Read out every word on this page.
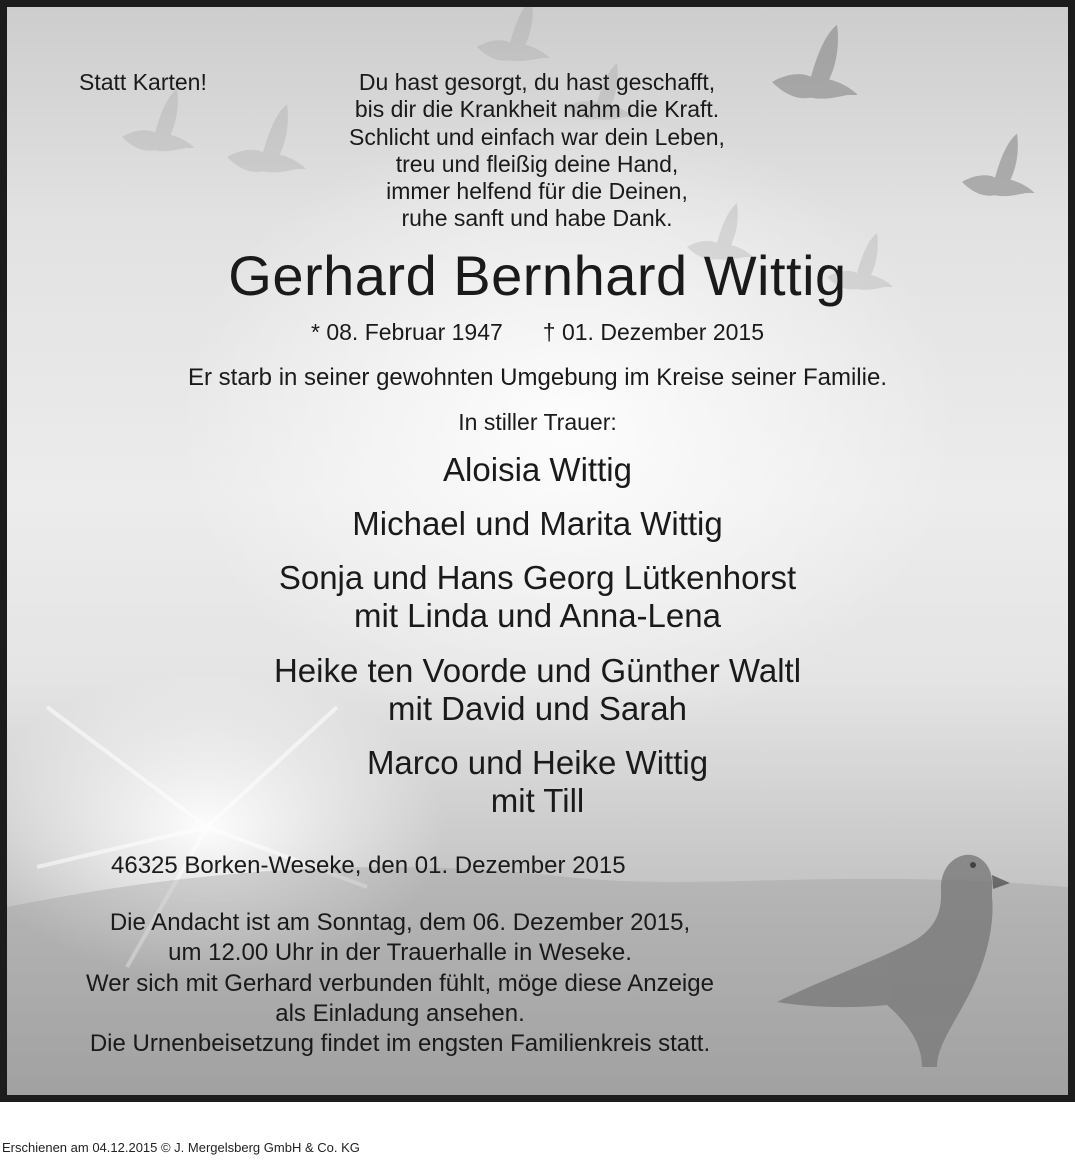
Statt Karten!	Du hast gesorgt, du hast geschafft,
bis dir die Krankheit nahm die Kraft.
Schlicht und einfach war dein Leben,
treu und fleißig deine Hand,
immer helfend für die Deinen,
ruhe sanft und habe Dank.
Gerhard Bernhard Wittig
* 08. Februar 1947 † 01. Dezember 2015
Er starb in seiner gewohnten Umgebung im Kreise seiner Familie.
In stiller Trauer:
Aloisia Wittig
Michael und Marita Wittig
Sonja und Hans Georg Lütkenhorst
mit Linda und Anna-Lena
Heike ten Voorde und Günther Waltl
mit David und Sarah
Marco und Heike Wittig
mit Till
46325 Borken-Weseke, den 01. Dezember 2015
Die Andacht ist am Sonntag, dem 06. Dezember 2015,
um 12.00 Uhr in der Trauerhalle in Weseke.
Wer sich mit Gerhard verbunden fühlt, möge diese Anzeige
als Einladung ansehen.
Die Urnenbeisetzung findet im engsten Familienkreis statt.
Erschienen am 04.12.2015 © J. Mergelsberg GmbH & Co. KG
